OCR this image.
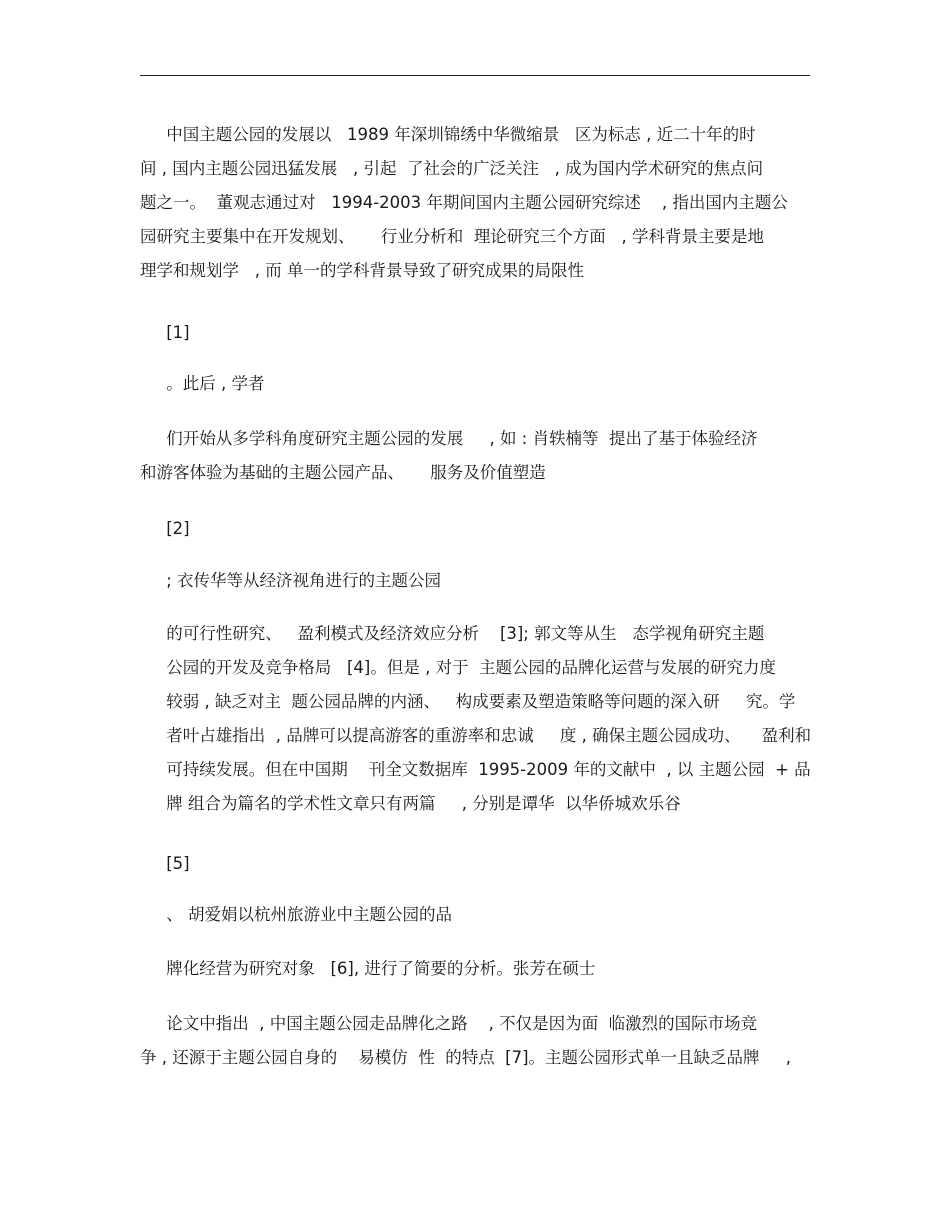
中国主题公园的发展以   1989 年深圳锦绣中华微缩景   区为标志 , 近二十年的时
间 , 国内主题公园迅猛发展   , 引起  了社会的广泛关注   , 成为国内学术研究的焦点问
题之一。  董观志通过对   1994-2003 年期间国内主题公园研究综述    , 指出国内主题公
园研究主要集中在开发规划、     行业分析和  理论研究三个方面   , 学科背景主要是地
理学和规划学   , 而 单一的学科背景导致了研究成果的局限性
[1]
。此后 , 学者
们开始从多学科角度研究主题公园的发展     , 如 : 肖轶楠等  提出了基于体验经济
和游客体验为基础的主题公园产品、     服务及价值塑造
[2]
; 衣传华等从经济视角进行的主题公园
的可行性研究、   盈利模式及经济效应分析    [3]; 郭文等从生   态学视角研究主题
公园的开发及竞争格局   [4]。但是 , 对于  主题公园的品牌化运营与发展的研究力度
较弱 , 缺乏对主  题公园品牌的内涵、   构成要素及塑造策略等问题的深入研     究。学
者叶占雄指出  , 品牌可以提高游客的重游率和忠诚     度 , 确保主题公园成功、    盈利和
可持续发展。但在中国期    刊全文数据库  1995-2009 年的文献中  , 以 主题公园  + 品
牌 组合为篇名的学术性文章只有两篇     , 分别是谭华  以华侨城欢乐谷
[5]
、 胡爱娟以杭州旅游业中主题公园的品
牌化经营为研究对象   [6], 进行了简要的分析。张芳在硕士
论文中指出  , 中国主题公园走品牌化之路    , 不仅是因为面  临激烈的国际市场竞
争 , 还源于主题公园自身的    易模仿  性  的特点  [7]。主题公园形式单一且缺乏品牌     ,
